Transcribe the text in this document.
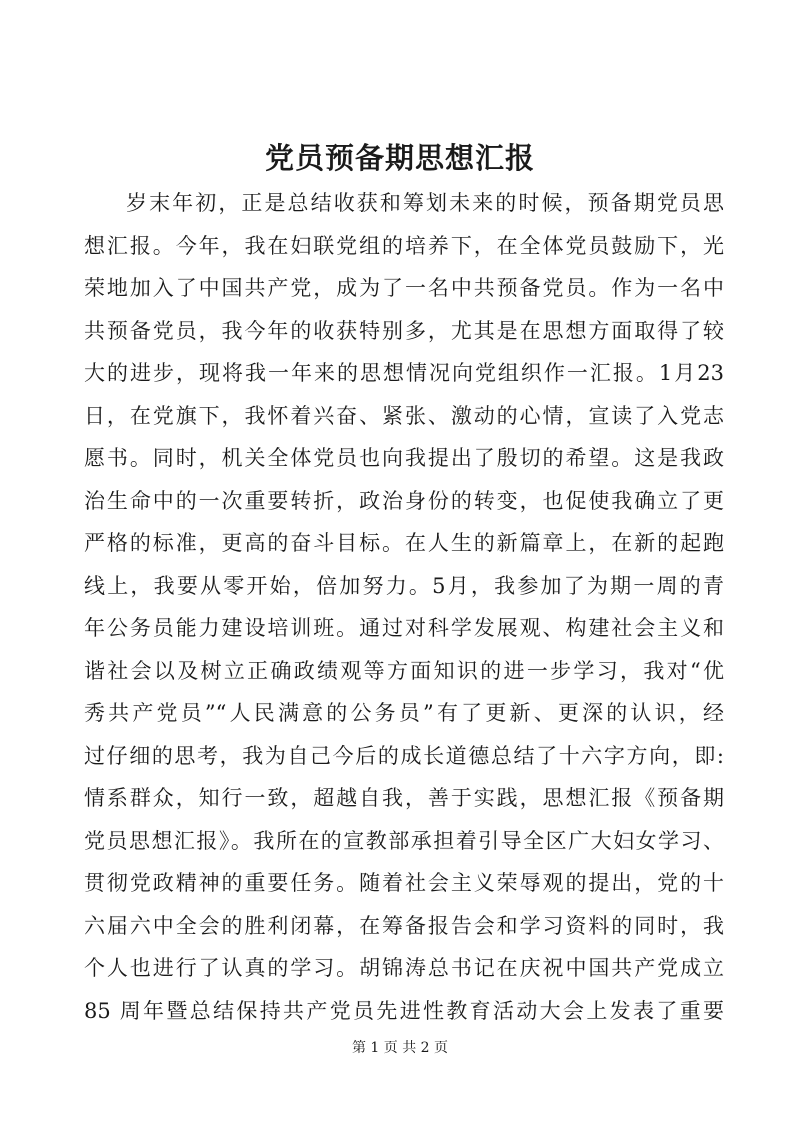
党员预备期思想汇报
岁末年初，正是总结收获和筹划未来的时候，预备期党员思
想汇报。今年，我在妇联党组的培养下，在全体党员鼓励下，光
荣地加入了中国共产党，成为了一名中共预备党员。作为一名中
共预备党员，我今年的收获特别多，尤其是在思想方面取得了较
大的进步，现将我一年来的思想情况向党组织作一汇报。1月23
日，在党旗下，我怀着兴奋、紧张、激动的心情，宣读了入党志
愿书。同时，机关全体党员也向我提出了殷切的希望。这是我政
治生命中的一次重要转折，政治身份的转变，也促使我确立了更
严格的标准，更高的奋斗目标。在人生的新篇章上，在新的起跑
线上，我要从零开始，倍加努力。5月，我参加了为期一周的青
年公务员能力建设培训班。通过对科学发展观、构建社会主义和
谐社会以及树立正确政绩观等方面知识的进一步学习，我对“优
秀共产党员”“人民满意的公务员”有了更新、更深的认识，经
过仔细的思考，我为自己今后的成长道德总结了十六字方向，即:
情系群众，知行一致，超越自我，善于实践，思想汇报《预备期
党员思想汇报》。我所在的宣教部承担着引导全区广大妇女学习、
贯彻党政精神的重要任务。随着社会主义荣辱观的提出，党的十
六届六中全会的胜利闭幕，在筹备报告会和学习资料的同时，我
个人也进行了认真的学习。胡锦涛总书记在庆祝中国共产党成立
85 周年暨总结保持共产党员先进性教育活动大会上发表了重要
第 1 页 共 2 页
